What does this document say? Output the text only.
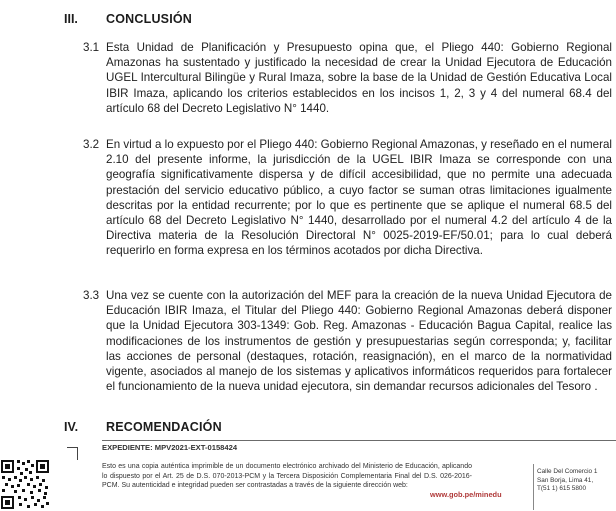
III. CONCLUSIÓN
3.1 Esta Unidad de Planificación y Presupuesto opina que, el Pliego 440: Gobierno Regional Amazonas ha sustentado y justificado la necesidad de crear la Unidad Ejecutora de Educación UGEL Intercultural Bilingüe y Rural Imaza, sobre la base de la Unidad de Gestión Educativa Local IBIR Imaza, aplicando los criterios establecidos en los incisos 1, 2, 3 y 4 del numeral 68.4 del artículo 68 del Decreto Legislativo N° 1440.
3.2 En virtud a lo expuesto por el Pliego 440: Gobierno Regional Amazonas, y reseñado en el numeral 2.10 del presente informe, la jurisdicción de la UGEL IBIR Imaza se corresponde con una geografía significativamente dispersa y de difícil accesibilidad, que no permite una adecuada prestación del servicio educativo público, a cuyo factor se suman otras limitaciones igualmente descritas por la entidad recurrente; por lo que es pertinente que se aplique el numeral 68.5 del artículo 68 del Decreto Legislativo N° 1440, desarrollado por el numeral 4.2 del artículo 4 de la Directiva materia de la Resolución Directoral N° 0025-2019-EF/50.01; para lo cual deberá requerirlo en forma expresa en los términos acotados por dicha Directiva.
3.3 Una vez se cuente con la autorización del MEF para la creación de la nueva Unidad Ejecutora de Educación IBIR Imaza, el Titular del Pliego 440: Gobierno Regional Amazonas deberá disponer que la Unidad Ejecutora 303-1349: Gob. Reg. Amazonas - Educación Bagua Capital, realice las modificaciones de los instrumentos de gestión y presupuestarias según corresponda; y, facilitar las acciones de personal (destaques, rotación, reasignación), en el marco de la normatividad vigente, asociados al manejo de los sistemas y aplicativos informáticos requeridos para fortalecer el funcionamiento de la nueva unidad ejecutora, sin demandar recursos adicionales del Tesoro .
IV. RECOMENDACIÓN
EXPEDIENTE: MPV2021-EXT-0158424
Esto es una copia auténtica imprimible de un documento electrónico archivado del Ministerio de Educación, aplicando lo dispuesto por el Art. 25 de D.S. 070-2013-PCM y la Tercera Disposición Complementaria Final del D.S. 026-2016-PCM. Su autenticidad e integridad pueden ser contrastadas a través de la siguiente dirección web:
www.gob.pe/minedu
Calle Del Comercio 1
San Borja, Lima 41,
T(51 1) 615 5800
